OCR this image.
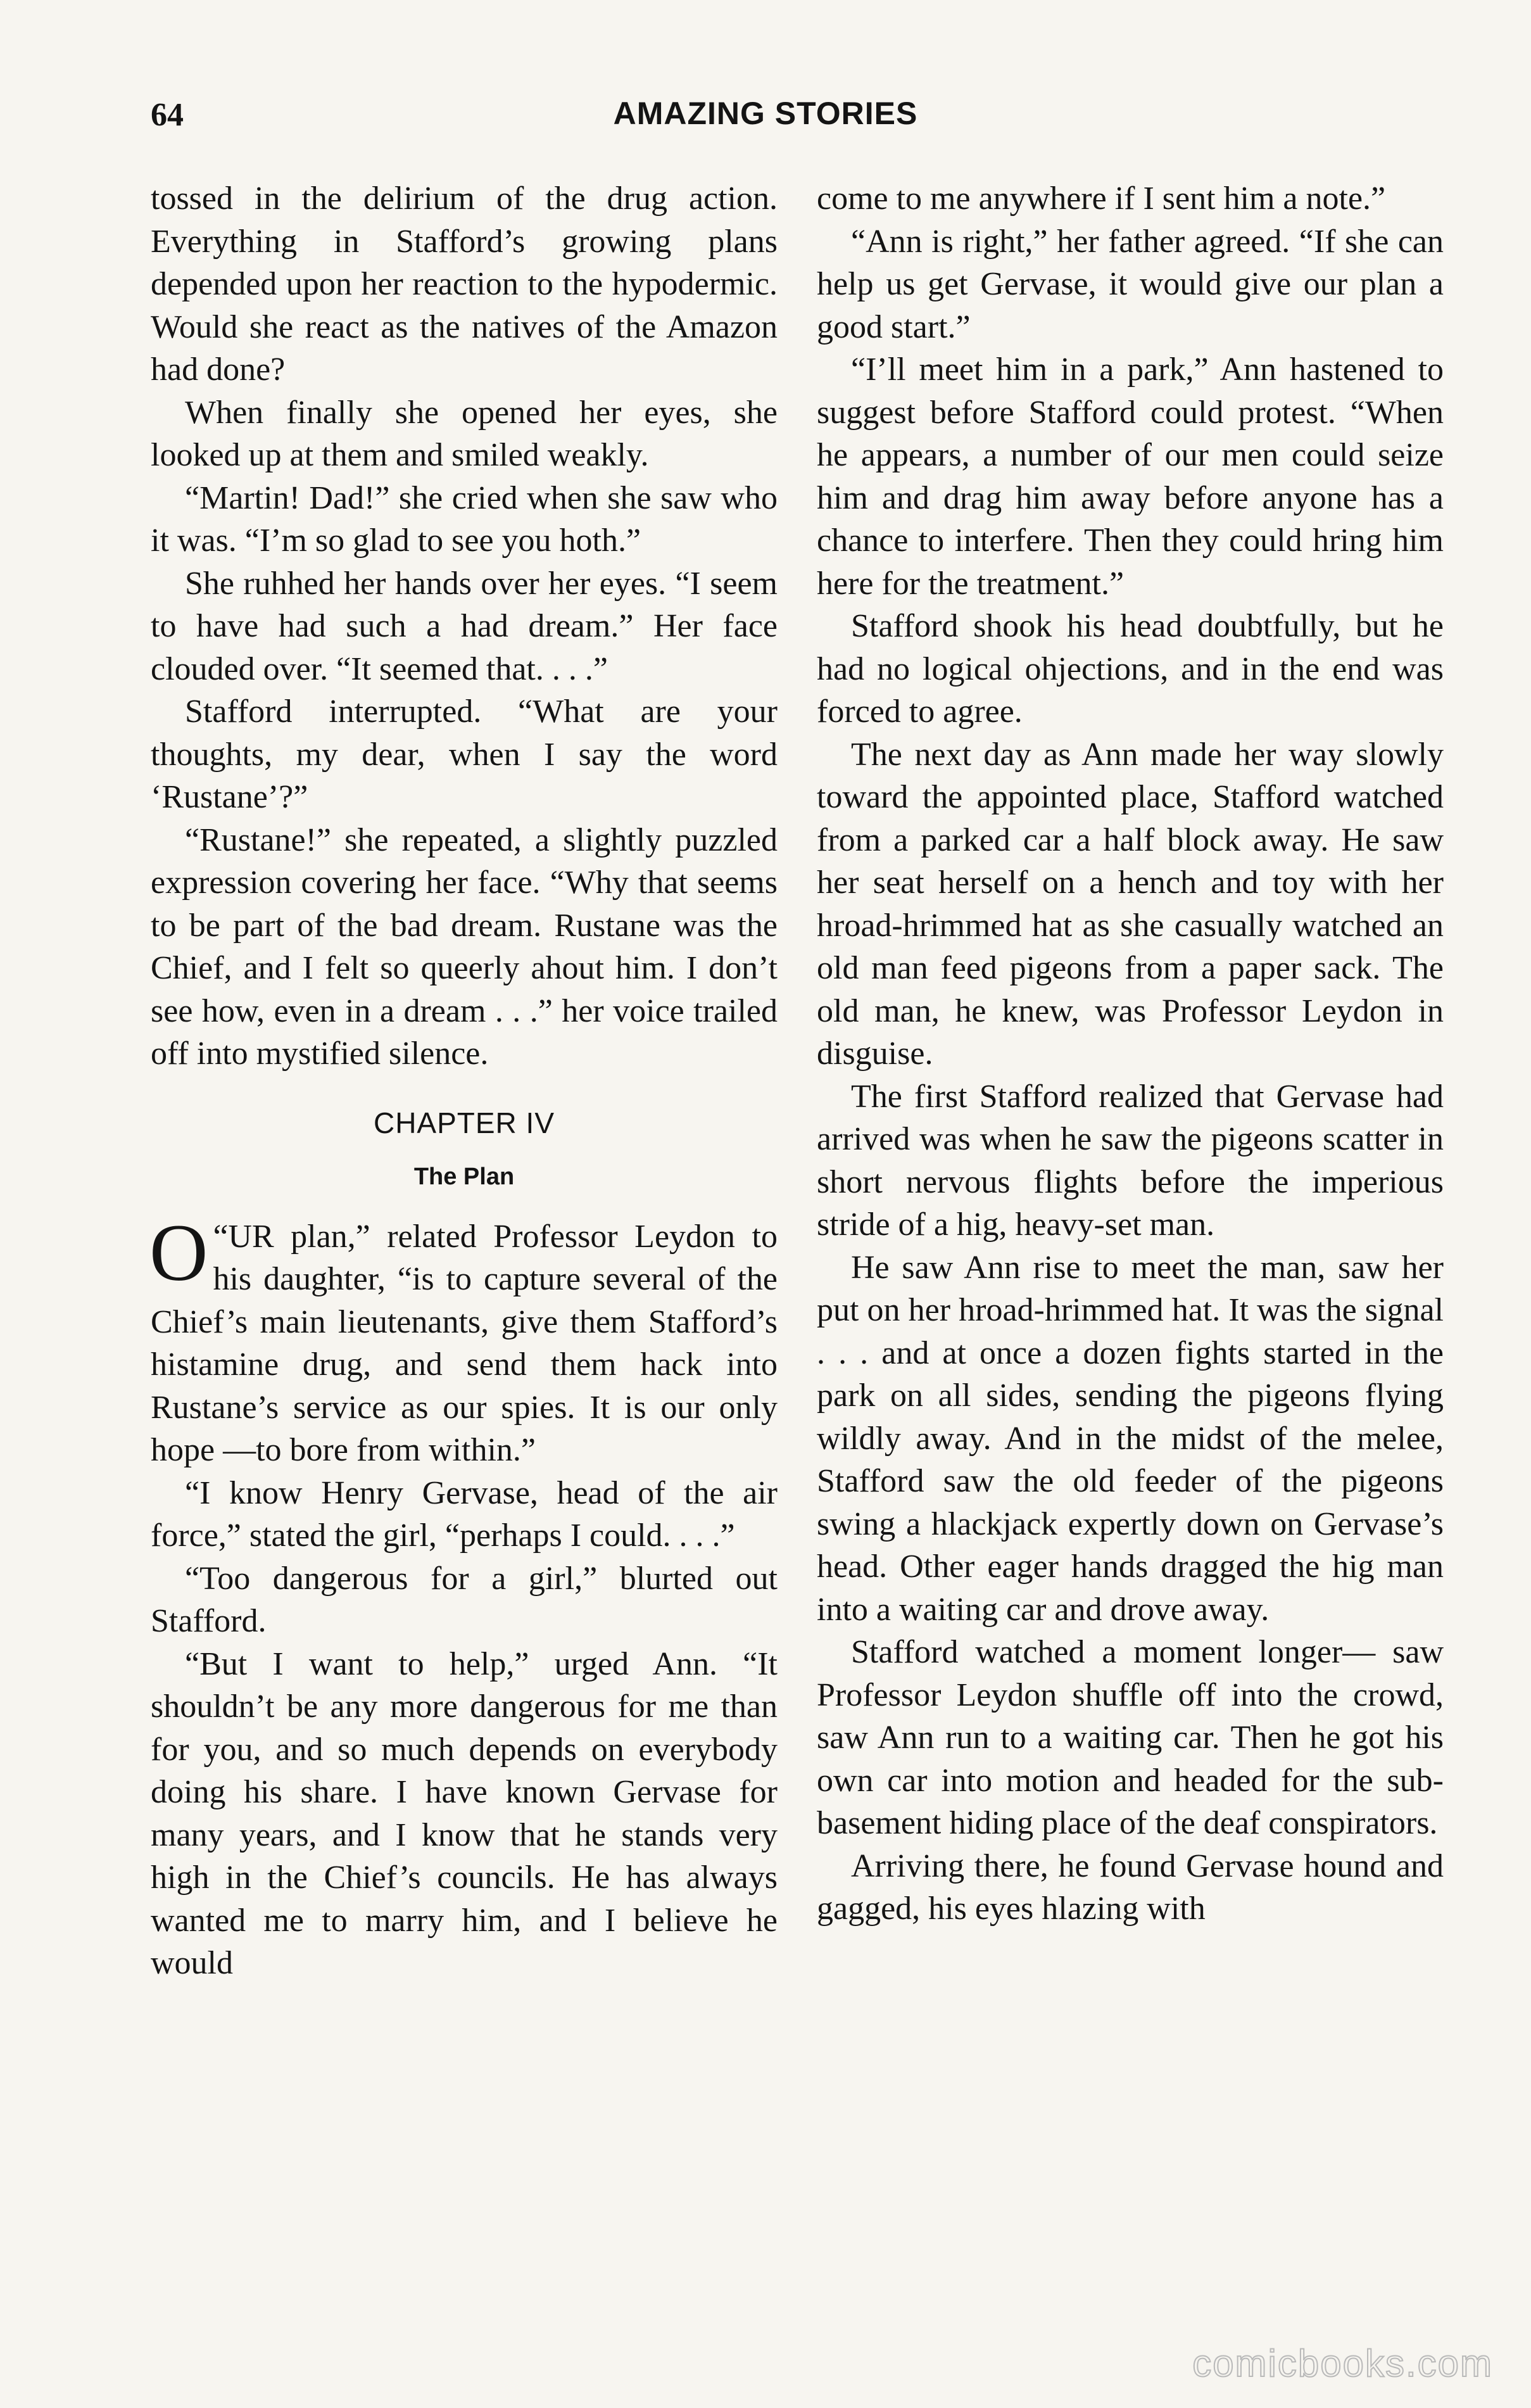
64	AMAZING STORIES

tossed in the delirium of the drug action. Everything in Stafford’s growing plans depended upon her reaction to the hypodermic. Would she react as the natives of the Amazon had done?

When finally she opened her eyes, she looked up at them and smiled weakly.

“Martin! Dad!” she cried when she saw who it was. “I’m so glad to see you hoth.”

She ruhhed her hands over her eyes. “I seem to have had such a had dream.” Her face clouded over. “It seemed that. . . .”

Stafford interrupted. “What are your thoughts, my dear, when I say the word ‘Rustane’?”

“Rustane!” she repeated, a slightly puzzled expression covering her face. “Why that seems to be part of the bad dream. Rustane was the Chief, and I felt so queerly ahout him. I don’t see how, even in a dream . . .” her voice trailed off into mystified silence.

CHAPTER IV
The Plan

“
O UR plan,” related Professor Leydon to his daughter, “is to capture several of the Chief’s main lieutenants, give them Stafford’s histamine drug, and send them hack into Rustane’s service as our spies. It is our only hope —to bore from within.”

“I know Henry Gervase, head of the air force,” stated the girl, “perhaps I could. . . .”

“Too dangerous for a girl,” blurted out Stafford.

“But I want to help,” urged Ann. “It shouldn’t be any more dangerous for me than for you, and so much depends on everybody doing his share. I have known Gervase for many years, and I know that he stands very high in the Chief’s councils. He has always wanted me to marry him, and I believe he would

come to me anywhere if I sent him a note.”

“Ann is right,” her father agreed. “If she can help us get Gervase, it would give our plan a good start.”

“I’ll meet him in a park,” Ann hastened to suggest before Stafford could protest. “When he appears, a number of our men could seize him and drag him away before anyone has a chance to interfere. Then they could hring him here for the treatment.”

Stafford shook his head doubtfully, but he had no logical ohjections, and in the end was forced to agree.

The next day as Ann made her way slowly toward the appointed place, Stafford watched from a parked car a half block away. He saw her seat herself on a hench and toy with her hroad-hrimmed hat as she casually watched an old man feed pigeons from a paper sack. The old man, he knew, was Professor Leydon in disguise.

The first Stafford realized that Gervase had arrived was when he saw the pigeons scatter in short nervous flights before the imperious stride of a hig, heavy-set man.

He saw Ann rise to meet the man, saw her put on her hroad-hrimmed hat. It was the signal . . . and at once a dozen fights started in the park on all sides, sending the pigeons flying wildly away. And in the midst of the melee, Stafford saw the old feeder of the pigeons swing a hlackjack expertly down on Gervase’s head. Other eager hands dragged the hig man into a waiting car and drove away.

Stafford watched a moment longer— saw Professor Leydon shuffle off into the crowd, saw Ann run to a waiting car. Then he got his own car into motion and headed for the sub-basement hiding place of the deaf conspirators.

Arriving there, he found Gervase hound and gagged, his eyes hlazing with

comicbooks.com
